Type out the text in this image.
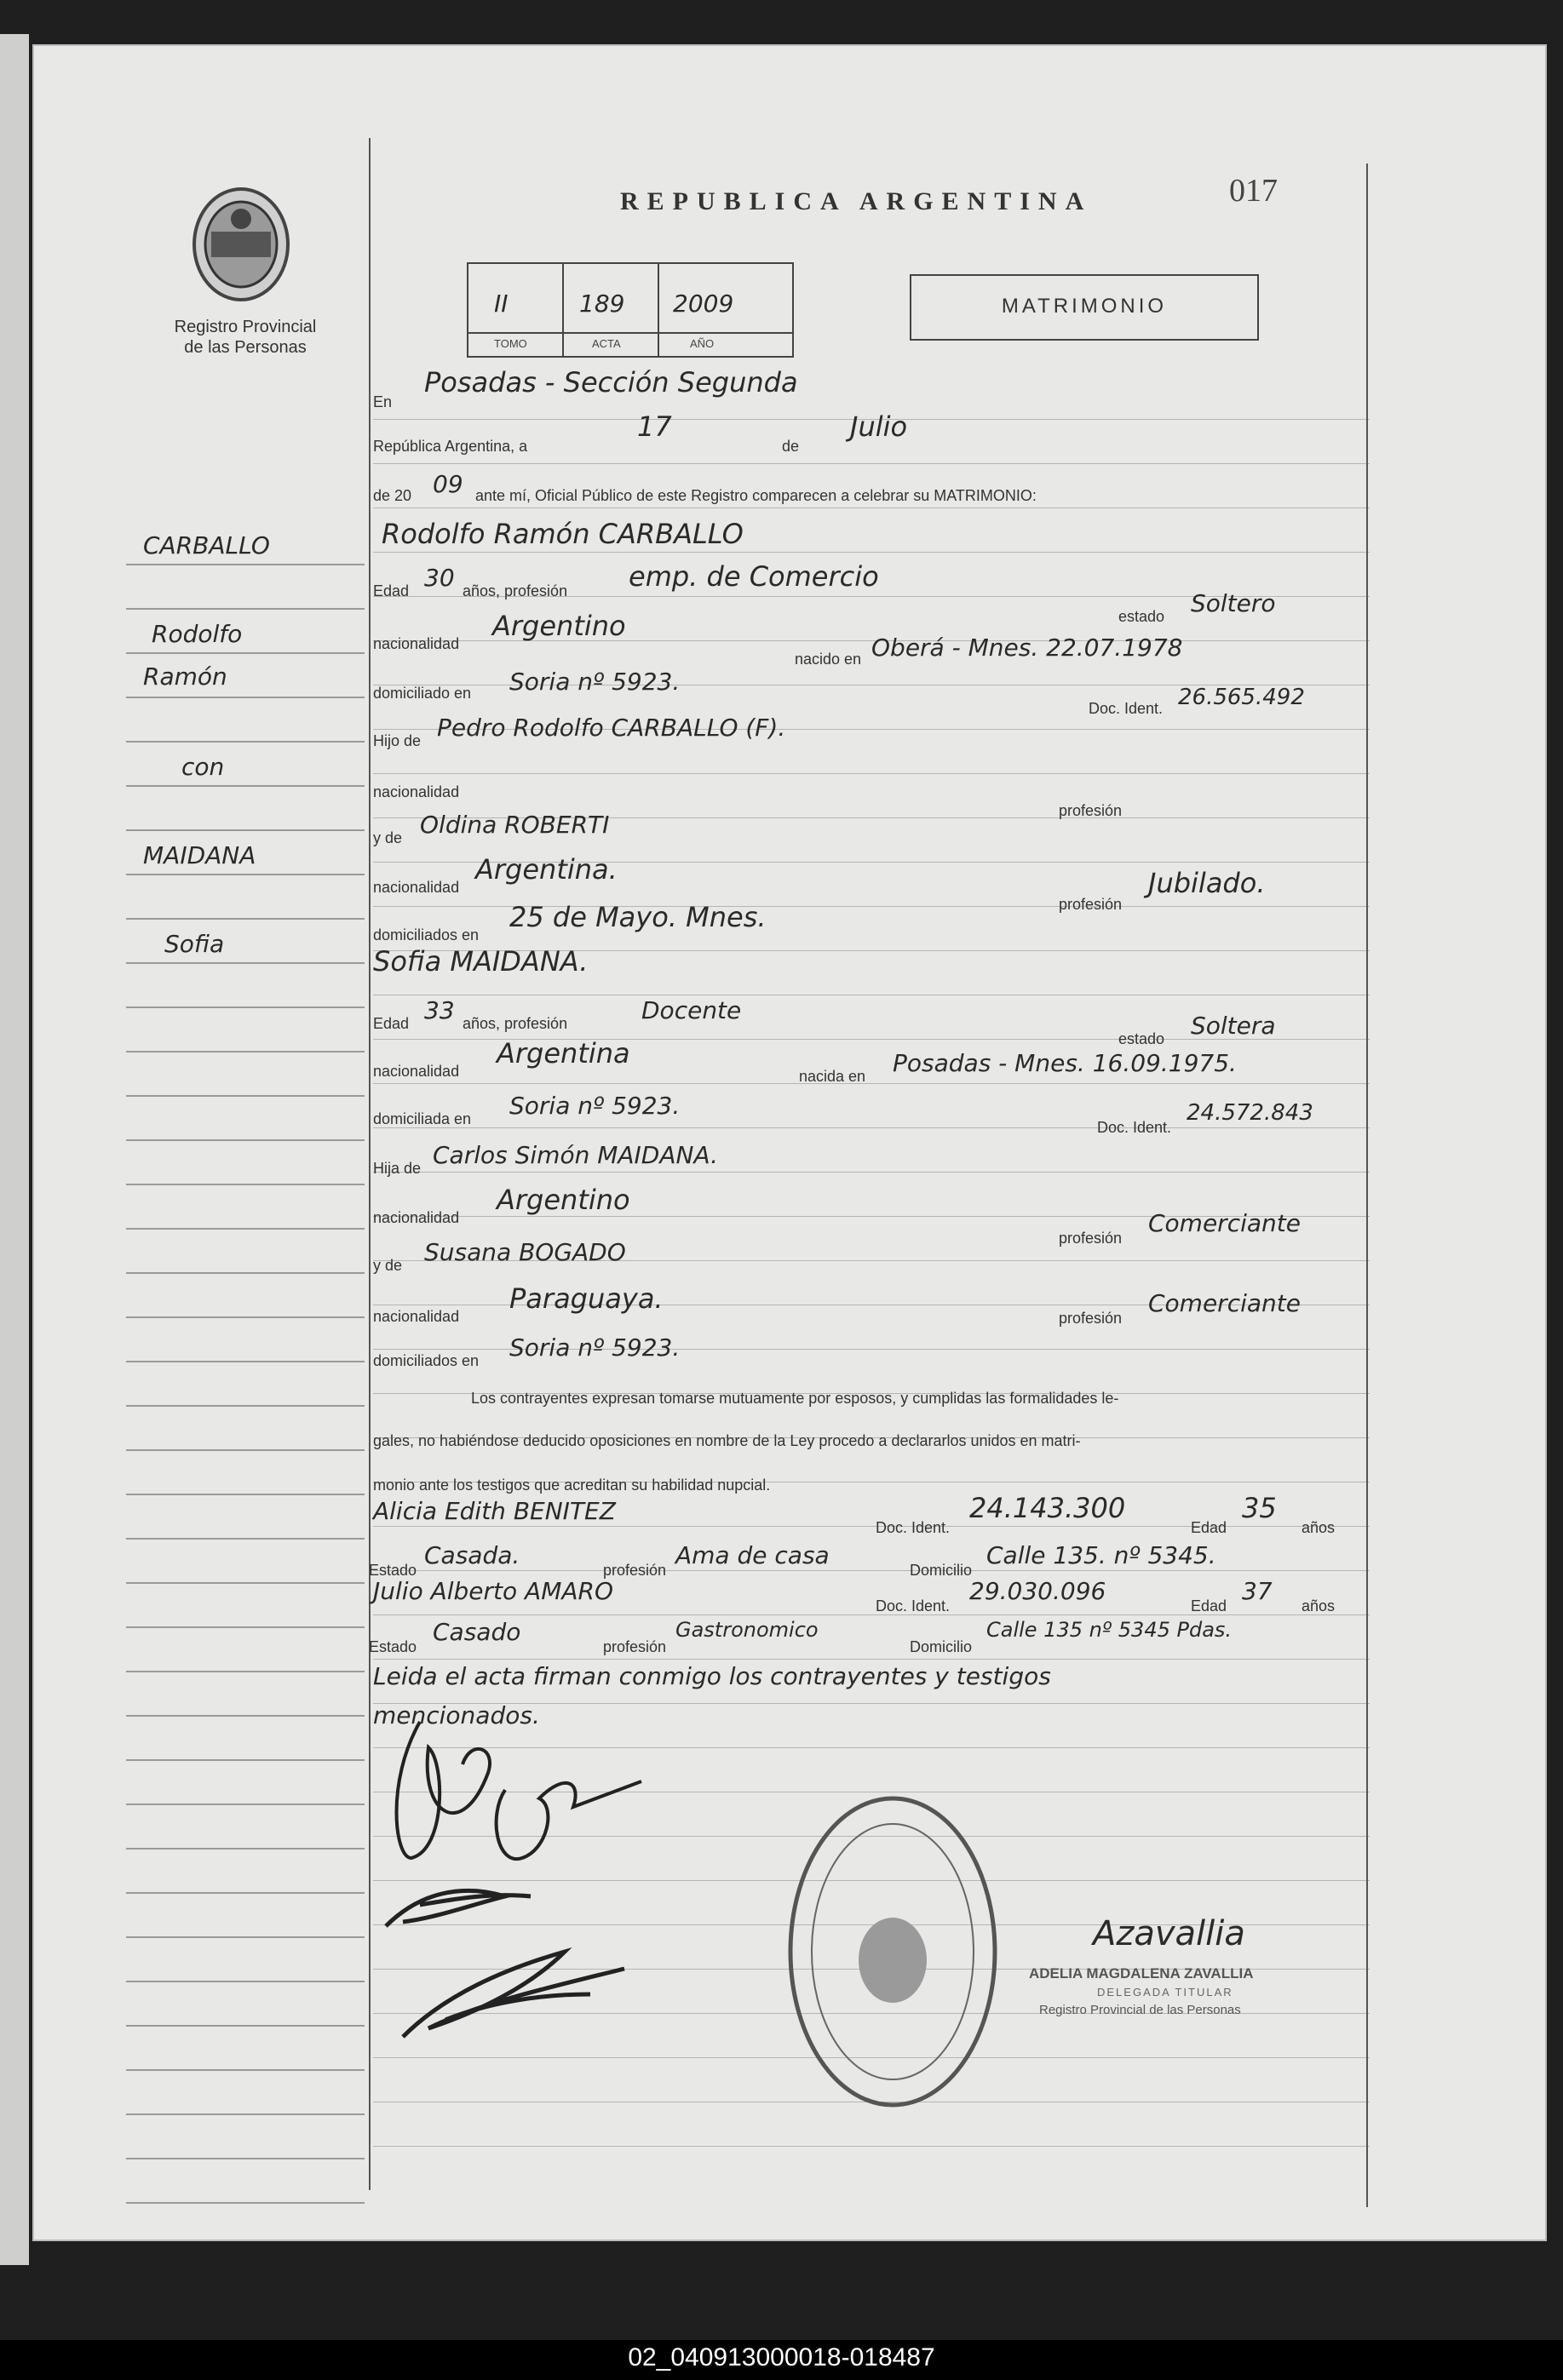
Registro Provincial
de las Personas
REPUBLICA ARGENTINA	017
II	189 2009
TOMO	ACTA	AÑO
MATRIMONIO
CARBALLO
Rodolfo
Ramón
con
MAIDANA
Sofia
En
Posadas - Sección Segunda
República Argentina, a
17
de
Julio
de 20 09 ante mí, Oficial Público de este Registro comparecen a celebrar su MATRIMONIO:
Rodolfo Ramón CARBALLO
Edad 30 años, profesión emp. de Comercio
estado Soltero
nacionalidad
Argentino
nacido en Oberá - Mnes. 22.07.1978
domiciliado en Soria nº 5923.
Doc. Ident. 26.565.492
Hijo de Pedro Rodolfo CARBALLO (F).
nacionalidad
profesión
y de Oldina ROBERTI
nacionalidad
Argentina.
profesión
Jubilado.
domiciliados en
25 de Mayo. Mnes.
Sofia MAIDANA.
Edad 33 años, profesión	Docente
estado Soltera
nacionalidad
Argentina
nacida en Posadas - Mnes. 16.09.1975.
domiciliada en Soria nº 5923.
Doc. Ident.
24.572.843
Hija de Carlos Simón MAIDANA.
nacionalidad
Argentino
profesión
Comerciante
y de Susana BOGADO
nacionalidad
Paraguaya.
profesión
Comerciante
domiciliados en Soria nº 5923.
Los contrayentes expresan tomarse mutuamente por esposos, y cumplidas las formalidades le-
gales, no habiéndose deducido oposiciones en nombre de la Ley procedo a declararlos unidos en matri-
monio ante los testigos que acreditan su habilidad nupcial.
Alicia Edith BENITEZ
Doc. Ident.
24.143.300
Edad
35
años
Estado
Casada.
profesión
Ama de casa
Domicilio
Calle 135. nº 5345.
Julio Alberto AMARO
Doc. Ident.
29.030.096
Edad
37
años
Estado
Casado
profesión
Gastronomico
Domicilio
Calle 135 nº 5345 Pdas.
Leida el acta firman conmigo los contrayentes y testigos
mencionados.
Azavallia
ADELIA MAGDALENA ZAVALLIA
DELEGADA TITULAR
Registro Provincial de las Personas
02_040913000018-018487
